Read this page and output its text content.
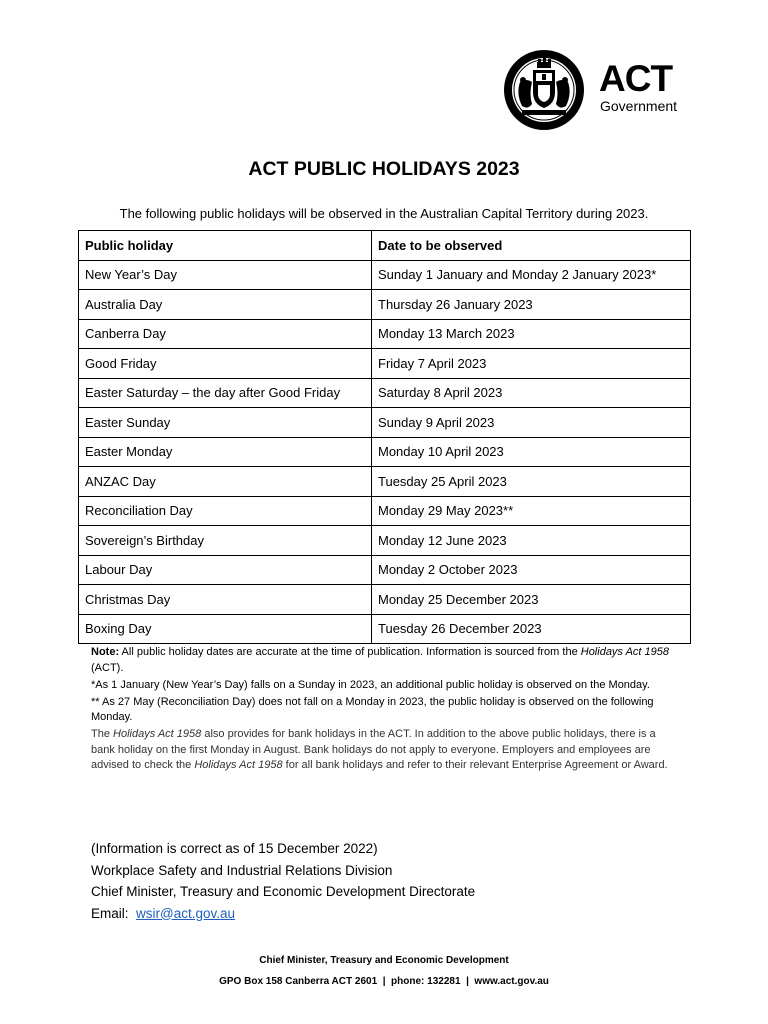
ACT
Government
ACT PUBLIC HOLIDAYS 2023
The following public holidays will be observed in the Australian Capital Territory during 2023.
Public holiday	Date to be observed
New Year’s Day	Sunday 1 January and Monday 2 January 2023*
Australia Day	Thursday 26 January 2023
Canberra Day	Monday 13 March 2023
Good Friday	Friday 7 April 2023
Easter Saturday – the day after Good Friday	Saturday 8 April 2023
Easter Sunday	Sunday 9 April 2023
Easter Monday	Monday 10 April 2023
ANZAC Day	Tuesday 25 April 2023
Reconciliation Day	Monday 29 May 2023**
Sovereign’s Birthday	Monday 12 June 2023
Labour Day	Monday 2 October 2023
Christmas Day	Monday 25 December 2023
Boxing Day	Tuesday 26 December 2023

Note: All public holiday dates are accurate at the time of publication. Information is sourced from the Holidays Act 1958 (ACT).

*As 1 January (New Year’s Day) falls on a Sunday in 2023, an additional public holiday is observed on the Monday.

** As 27 May (Reconciliation Day) does not fall on a Monday in 2023, the public holiday is observed on the following Monday.

The Holidays Act 1958 also provides for bank holidays in the ACT. In addition to the above public holidays, there is a bank holiday on the first Monday in August. Bank holidays do not apply to everyone. Employers and employees are advised to check the Holidays Act 1958 for all bank holidays and refer to their relevant Enterprise Agreement or Award.

(Information is correct as of 15 December 2022)
Workplace Safety and Industrial Relations Division
Chief Minister, Treasury and Economic Development Directorate
Email: wsir@act.gov.au
Chief Minister, Treasury and Economic Development
GPO Box 158 Canberra ACT 2601  |  phone: 132281  |  www.act.gov.au
